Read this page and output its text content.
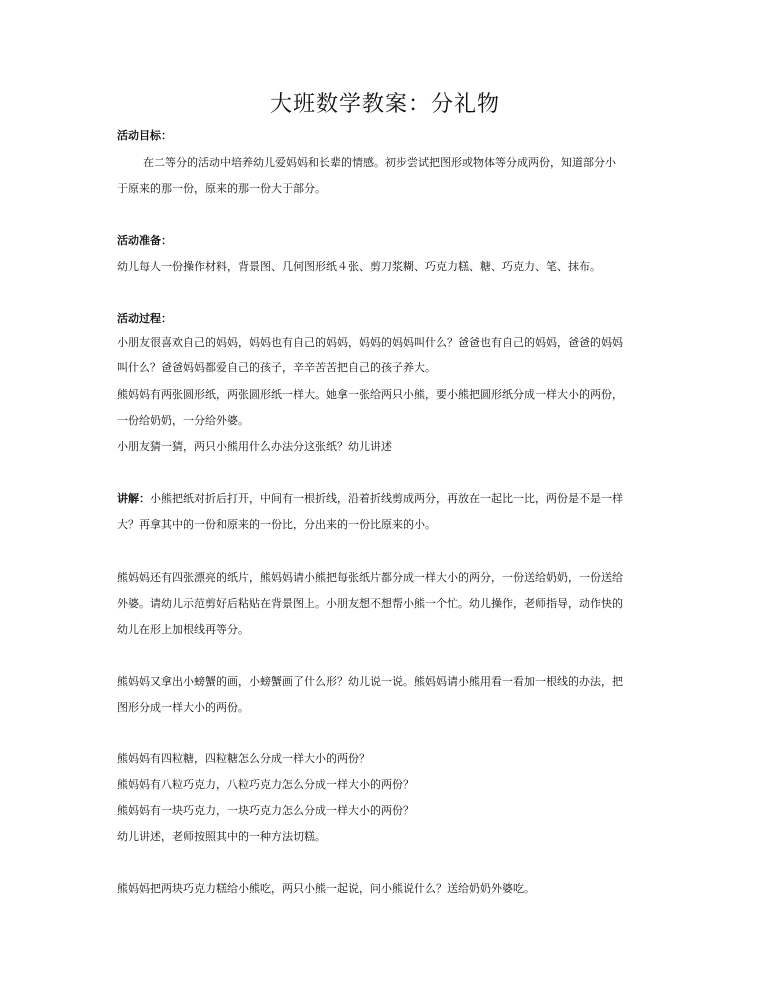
大班数学教案：分礼物
活动目标：
在二等分的活动中培养幼儿爱妈妈和长辈的情感。初步尝试把图形或物体等分成两份，知道部分小
于原来的那一份，原来的那一份大于部分。
活动准备：
幼儿每人一份操作材料，背景图、几何图形纸４张、剪刀浆糊、巧克力糕、糖、巧克力、笔、抹布。
活动过程：
小朋友很喜欢自己的妈妈，妈妈也有自己的妈妈，妈妈的妈妈叫什么？爸爸也有自己的妈妈，爸爸的妈妈
叫什么？爸爸妈妈都爱自己的孩子，辛辛苦苦把自己的孩子养大。
熊妈妈有两张圆形纸，两张圆形纸一样大。她拿一张给两只小熊，要小熊把圆形纸分成一样大小的两份，
一份给奶奶，一分给外婆。
小朋友猜一猜，两只小熊用什么办法分这张纸？幼儿讲述
讲解：小熊把纸对折后打开，中间有一根折线，沿着折线剪成两分，再放在一起比一比，两份是不是一样
大？再拿其中的一份和原来的一份比，分出来的一份比原来的小。
熊妈妈还有四张漂亮的纸片，熊妈妈请小熊把每张纸片都分成一样大小的两分，一份送给奶奶，一份送给
外婆。请幼儿示范剪好后粘贴在背景图上。小朋友想不想帮小熊一个忙。幼儿操作，老师指导，动作快的
幼儿在形上加根线再等分。
熊妈妈又拿出小螃蟹的画，小螃蟹画了什么形？幼儿说一说。熊妈妈请小熊用看一看加一根线的办法，把
图形分成一样大小的两份。
熊妈妈有四粒糖，四粒糖怎么分成一样大小的两份？
熊妈妈有八粒巧克力，八粒巧克力怎么分成一样大小的两份？
熊妈妈有一块巧克力，一块巧克力怎么分成一样大小的两份？
幼儿讲述，老师按照其中的一种方法切糕。
熊妈妈把两块巧克力糕给小熊吃，两只小熊一起说，问小熊说什么？送给奶奶外婆吃。
